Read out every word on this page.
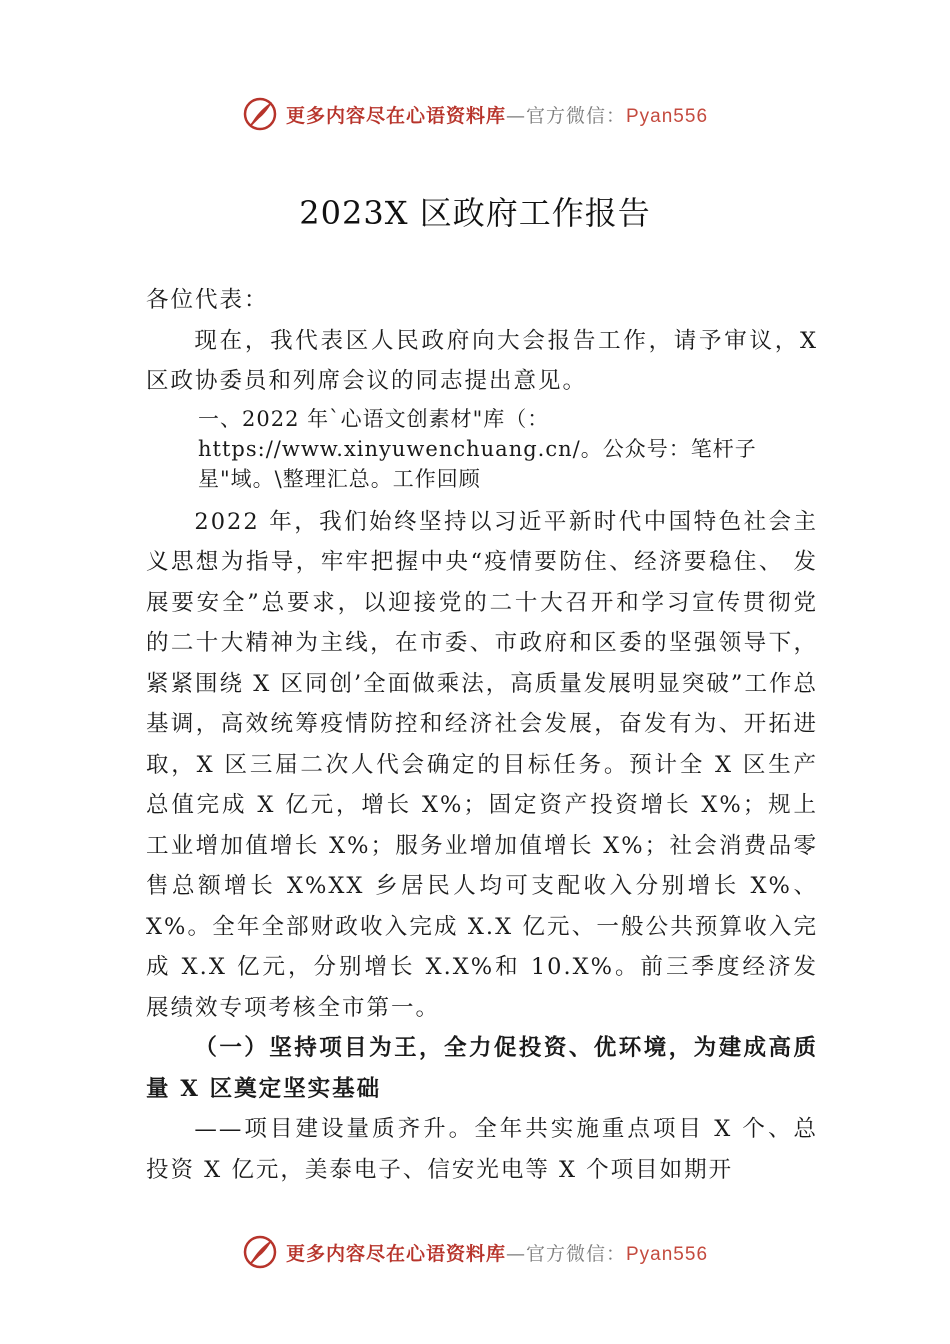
更多内容尽在心语资料库—官方微信：Pyan556
2023X 区政府工作报告

各位代表：

现在，我代表区人民政府向大会报告工作，请予审议，X 区政协委员和列席会议的同志提出意见。

一、2022 年`心语文创素材"库（：https://www.xinyuwenchuang.cn/。公众号：笔杆子星"域。\整理汇总。工作回顾

2022 年，我们始终坚持以习近平新时代中国特色社会主义思想为指导，牢牢把握中央“疫情要防住、经济要稳住、 发展要安全”总要求，以迎接党的二十大召开和学习宣传贯彻党的二十大精神为主线，在市委、市政府和区委的坚强领导下，紧紧围绕 X 区同创’全面做乘法，高质量发展明显突破”工作总基调，高效统筹疫情防控和经济社会发展，奋发有为、开拓进取，X 区三届二次人代会确定的目标任务。预计全 X 区生产总值完成 X 亿元，增长 X%；固定资产投资增长 X%；规上工业增加值增长 X%；服务业增加值增长 X%；社会消费品零售总额增长 X%XX 乡居民人均可支配收入分别增长 X%、X%。全年全部财政收入完成 X.X 亿元、一般公共预算收入完成 X.X 亿元，分别增长 X.X%和 10.X%。前三季度经济发展绩效专项考核全市第一。

（一）坚持项目为王，全力促投资、优环境，为建成高质量 X 区奠定坚实基础

——项目建设量质齐升。全年共实施重点项目 X 个、总投资 X 亿元，美泰电子、信安光电等 X 个项目如期开

更多内容尽在心语资料库—官方微信：Pyan556
